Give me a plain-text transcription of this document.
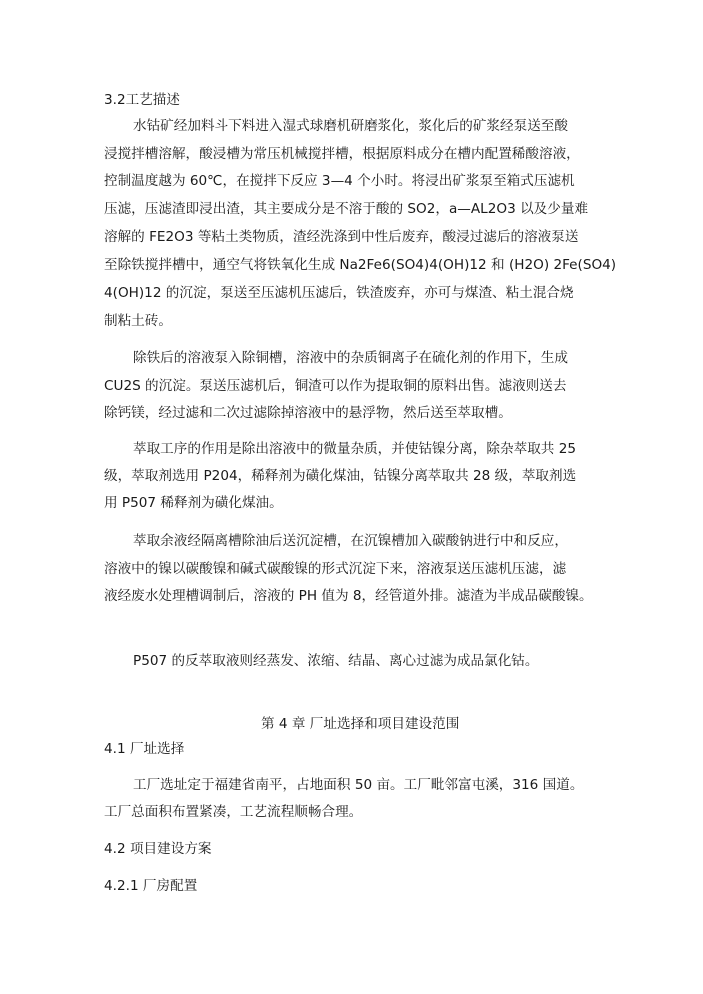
3.2工艺描述
水钴矿经加料斗下料进入湿式球磨机研磨浆化，浆化后的矿浆经泵送至酸
浸搅拌槽溶解，酸浸槽为常压机械搅拌槽，根据原料成分在槽内配置稀酸溶液，
控制温度越为 60℃，在搅拌下反应 3—4 个小时。将浸出矿浆泵至箱式压滤机
压滤，压滤渣即浸出渣，其主要成分是不溶于酸的 SO2，a—AL2O3 以及少量难
溶解的 FE2O3 等粘土类物质，渣经洗涤到中性后废弃，酸浸过滤后的溶液泵送
至除铁搅拌槽中，通空气将铁氧化生成 Na2Fe6(SO4)4(OH)12 和 (H2O) 2Fe(SO4)
4(OH)12 的沉淀，泵送至压滤机压滤后，铁渣废弃，亦可与煤渣、粘土混合烧
制粘土砖。
除铁后的溶液泵入除铜槽，溶液中的杂质铜离子在硫化剂的作用下，生成
CU2S 的沉淀。泵送压滤机后，铜渣可以作为提取铜的原料出售。滤液则送去
除钙镁，经过滤和二次过滤除掉溶液中的悬浮物，然后送至萃取槽。
萃取工序的作用是除出溶液中的微量杂质，并使钴镍分离，除杂萃取共 25
级，萃取剂选用 P204，稀释剂为磺化煤油，钴镍分离萃取共 28 级，萃取剂选
用 P507 稀释剂为磺化煤油。
萃取余液经隔离槽除油后送沉淀槽，在沉镍槽加入碳酸钠进行中和反应，
溶液中的镍以碳酸镍和碱式碳酸镍的形式沉淀下来，溶液泵送压滤机压滤，滤
液经废水处理槽调制后，溶液的 PH 值为 8，经管道外排。滤渣为半成品碳酸镍。
P507 的反萃取液则经蒸发、浓缩、结晶、离心过滤为成品氯化钴。
第 4 章 厂址选择和项目建设范围
4.1 厂址选择
工厂选址定于福建省南平，占地面积 50 亩。工厂毗邻富屯溪，316 国道。
工厂总面积布置紧凑，工艺流程顺畅合理。
4.2 项目建设方案
4.2.1 厂房配置
